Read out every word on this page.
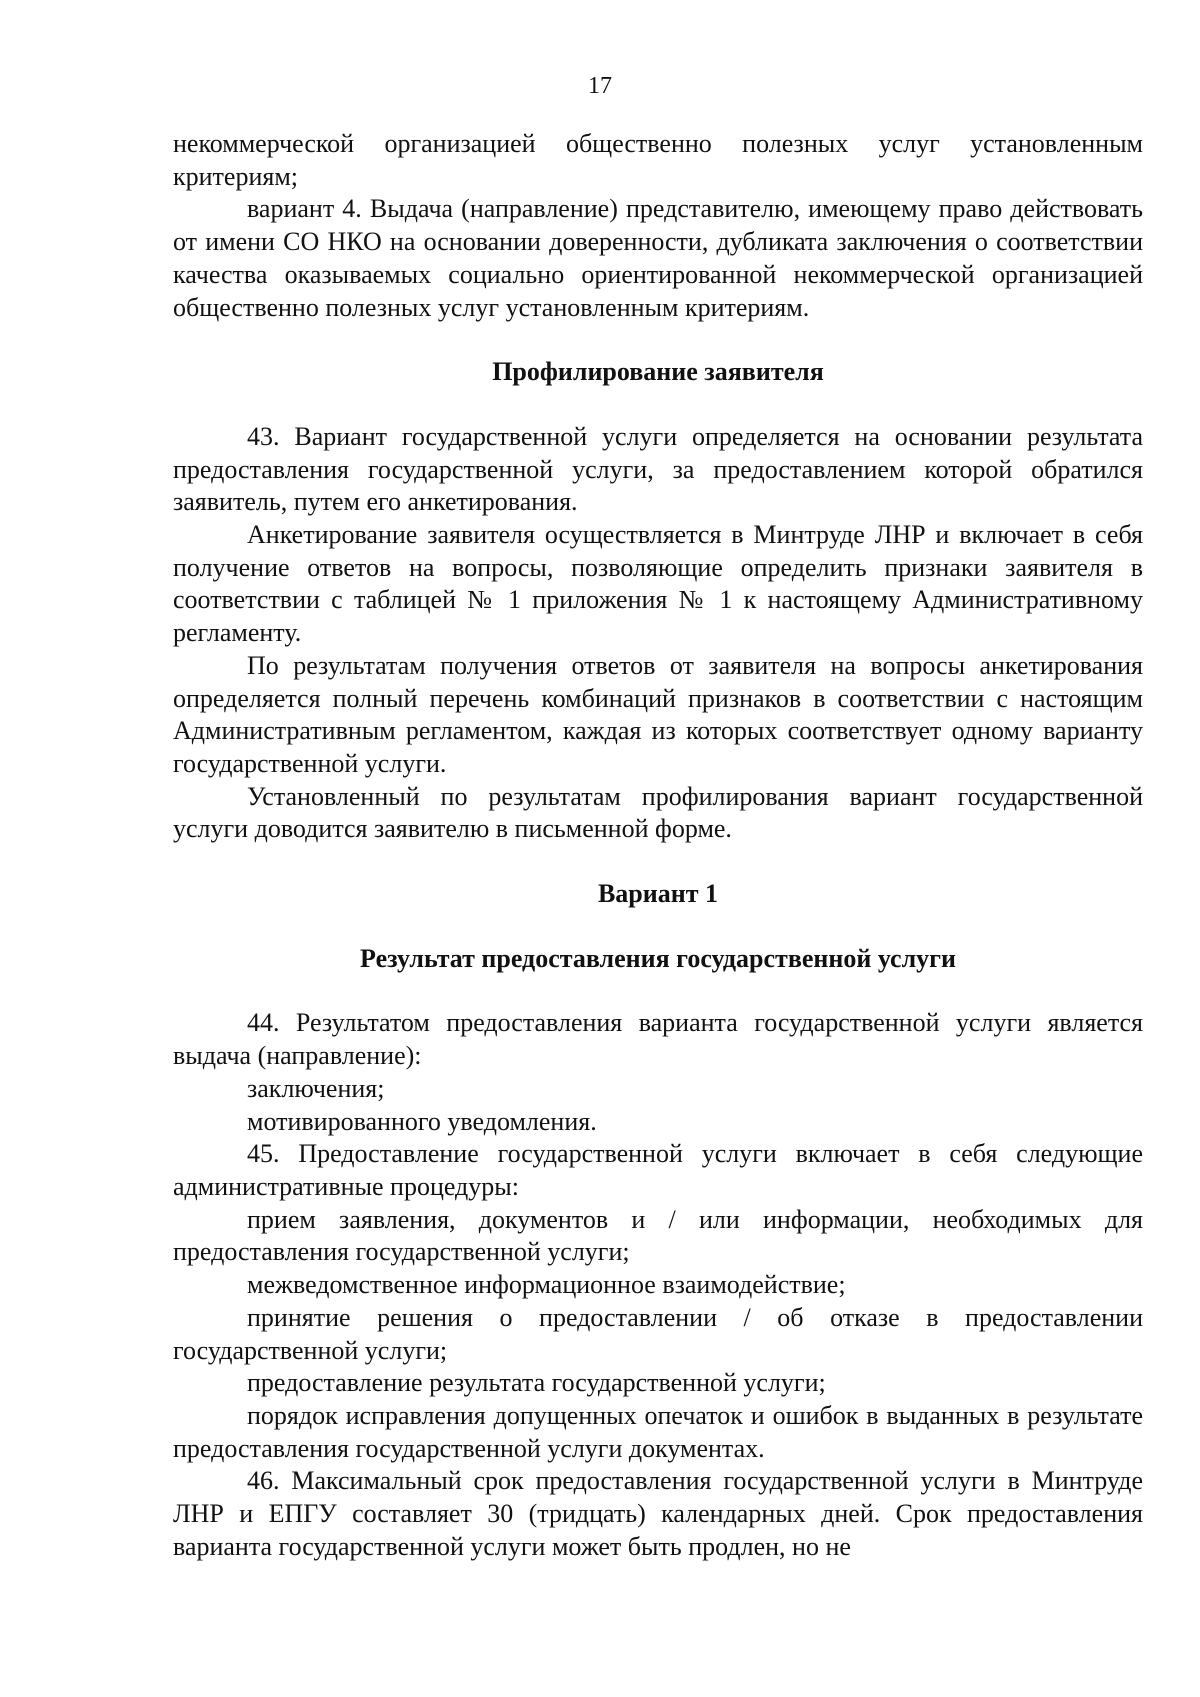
17

некоммерческой организацией общественно полезных услуг установленным критериям;

вариант 4. Выдача (направление) представителю, имеющему право действовать от имени СО НКО на основании доверенности, дубликата заключения о соответствии качества оказываемых социально ориентированной некоммерческой организацией общественно полезных услуг установленным критериям.

Профилирование заявителя

43. Вариант государственной услуги определяется на основании результата предоставления государственной услуги, за предоставлением которой обратился заявитель, путем его анкетирования.

Анкетирование заявителя осуществляется в Минтруде ЛНР и включает в себя получение ответов на вопросы, позволяющие определить признаки заявителя в соответствии с таблицей № 1 приложения № 1 к настоящему Административному регламенту.

По результатам получения ответов от заявителя на вопросы анкетирования определяется полный перечень комбинаций признаков в соответствии с настоящим Административным регламентом, каждая из которых соответствует одному варианту государственной услуги.

Установленный по результатам профилирования вариант государственной услуги доводится заявителю в письменной форме.

Вариант 1

Результат предоставления государственной услуги

44. Результатом предоставления варианта государственной услуги является выдача (направление):

заключения;

мотивированного уведомления.

45. Предоставление государственной услуги включает в себя следующие административные процедуры:

прием заявления, документов и / или информации, необходимых для предоставления государственной услуги;

межведомственное информационное взаимодействие;

принятие решения о предоставлении / об отказе в предоставлении государственной услуги;

предоставление результата государственной услуги;

порядок исправления допущенных опечаток и ошибок в выданных в результате предоставления государственной услуги документах.

46. Максимальный срок предоставления государственной услуги в Минтруде ЛНР и ЕПГУ составляет 30 (тридцать) календарных дней. Срок предоставления варианта государственной услуги может быть продлен, но не
